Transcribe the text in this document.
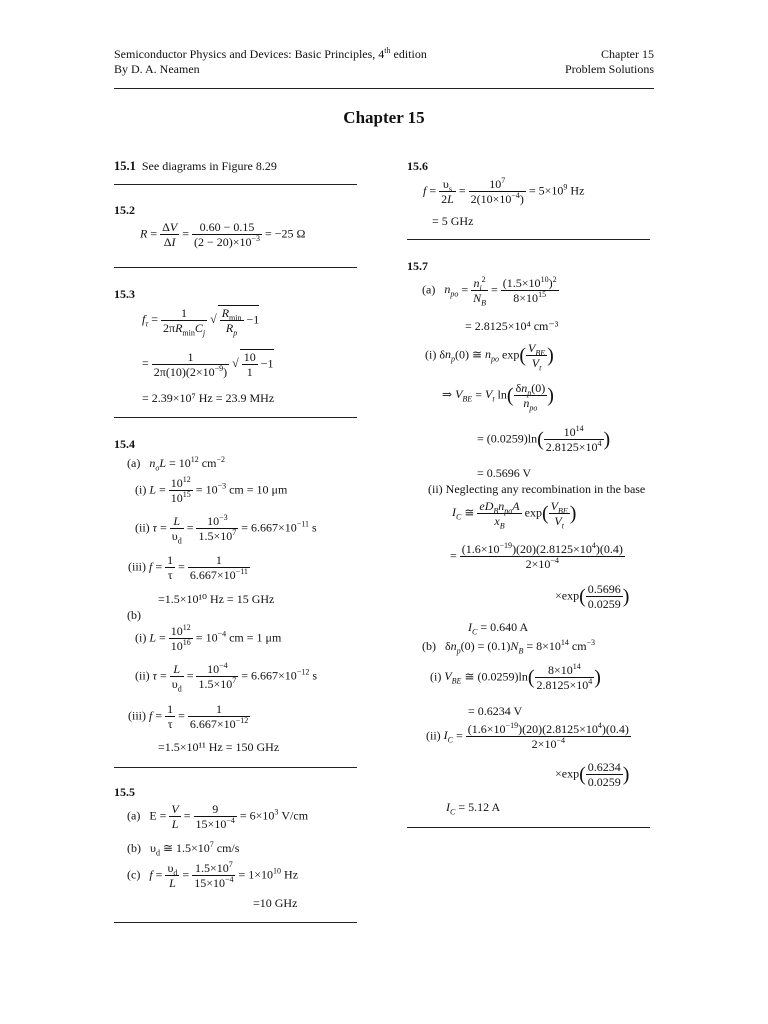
Semiconductor Physics and Devices: Basic Principles, 4th edition
By D. A. Neamen
Chapter 15
Problem Solutions
Chapter 15
15.1 See diagrams in Figure 8.29
15.2
$R = \frac{\Delta V}{\Delta I} = \frac{0.60 - 0.15}{(2 - 20)\times 10^{-3}} = -25$ Ω
15.3
$f_\tau$ =	1
$2\pi R_{min}C_j$
√ $R_{min}$
$R_p$
−1
= $\frac{1}{2\pi(10)(2\times 10^{-9})}$ √ $\frac{10}{1} -1$
= 2.39×10⁷ Hz = 23.9 MHz
15.4
(a) $n_oL = 10^{12}$ $cm^{-2}$
(i) $L = \frac{10^{12}}{10^{15}} = 10^{-3}$ cm = 10 μm
(ii) $\tau = \frac{L}{\upsilon_d} = \frac{10^{-3}}{1.5\times 10^7} = 6.667\times 10^{-11}$ s
(iii) $f = \frac{1}{\tau} = \frac{1}{6.667\times 10^{-11}}$
=1.5×10¹⁰ Hz = 15 GHz
(b)
(i) $L = \frac{10^{12}}{10^{16}} = 10^{-4}$ cm = 1 μm
(ii) $\tau = \frac{L}{\upsilon_d} = \frac{10^{-4}}{1.5\times 10^7} = 6.667\times 10^{-12}$ s
(iii) $f = \frac{1}{\tau} = \frac{1}{6.667\times 10^{-12}}$
=1.5×10¹¹ Hz = 150 GHz
15.5
(a)   $E = \frac{V}{L} = \frac{9}{15\times 10^{-4}} = 6\times 10^3$ V/cm
(b)   $\upsilon_d$ ≅ $1.5\times 10^7$ cm/s
(c)   $f = \frac{\upsilon_d}{L} = \frac{1.5\times 10^7}{15\times 10^{-4}} = 1\times 10^{10}$ Hz
=10 GHz
15.6
$f = \frac{\upsilon_s}{2L} = \frac{10^7}{2(10\times 10^{-4})} = 5\times 10^9$ Hz
= 5 GHz
15.7
(a)   $n_{po} = \frac{n_i^2}{N_B} = \frac{(1.5\times 10^{10})^2}{8\times 10^{15}}$
= 2.8125×10⁴ cm⁻³
(i) $\delta n_p(0)$ ≅ $n_{po}$ exp( $V_{BE}$
$V_t$
)
⇒ $V_{BE} = V_t$ ln( $\delta n_p(0)$
$n_{po}$
)
= $(0.0259)\ln( \frac{10^{14}}{2.8125\times 10^4}$ )
= 0.5696 V
(ii) Neglecting any recombination in the base
$I_C$ ≅ $eD_Bn_{po}A$
$x_B$
exp( $V_{BE}$
$V_t$
)
= $\frac{(1.6\times 10^{-19})(20)(2.8125\times 10^4)(0.4)}{2\times 10^{-4}}$
$\times\exp( \frac{0.5696}{0.0259}$ )
$I_C = 0.640$ A
(b)   $\delta n_p(0) = (0.1)N_B = 8\times 10^{14}$ $cm^{-3}$
(i) $V_{BE}$ ≅ $(0.0259)\ln( \frac{8\times 10^{14}}{2.8125\times 10^4}$ )
= 0.6234 V
(ii) $I_C = \frac{(1.6\times 10^{-19})(20)(2.8125\times 10^4)(0.4)}{2\times 10^{-4}}$
$\times\exp( \frac{0.6234}{0.0259}$ )
$I_C = 5.12$ A
